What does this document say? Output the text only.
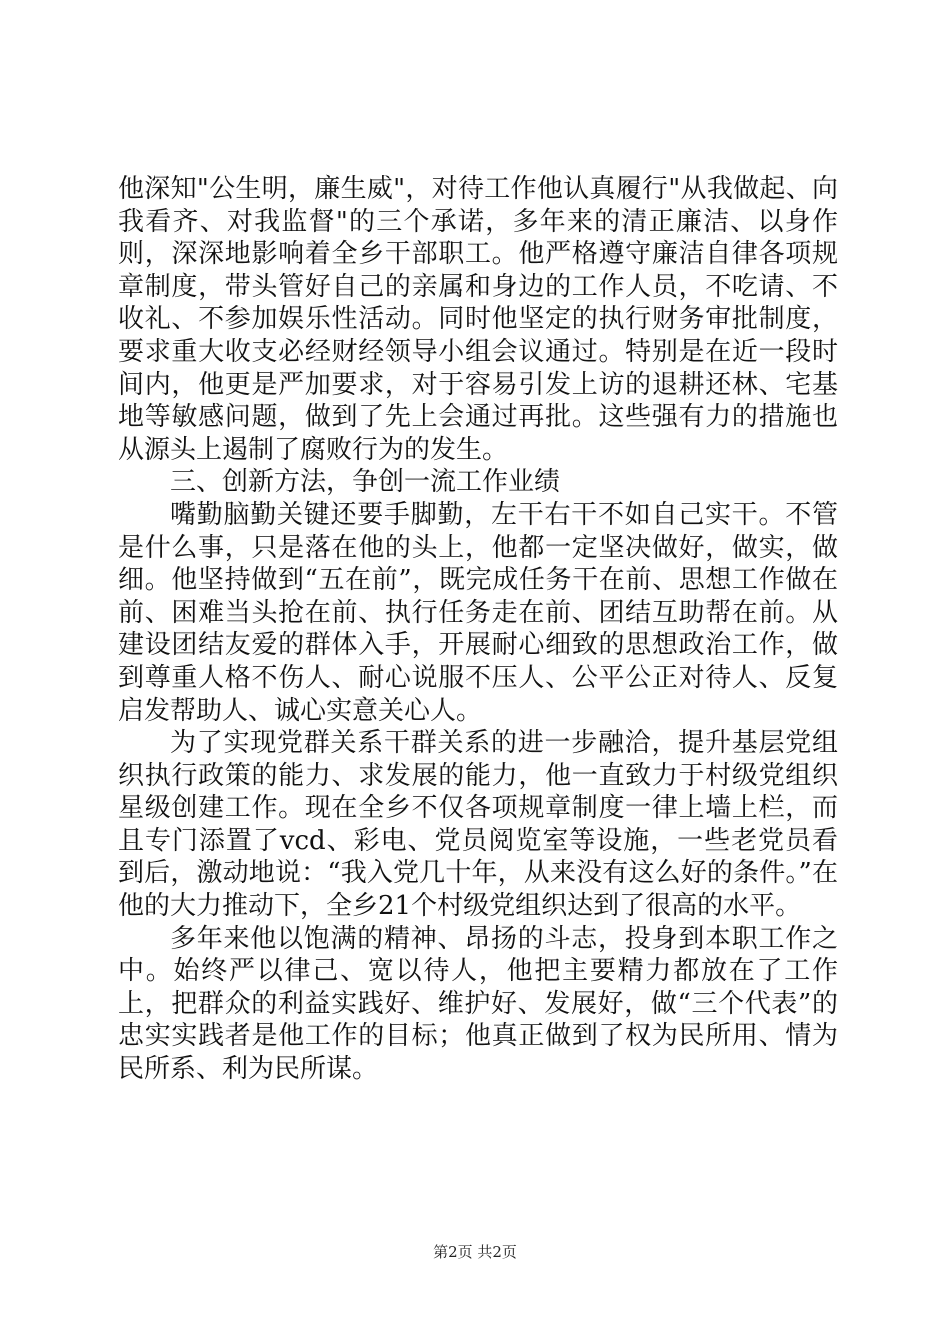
他深知"公生明，廉生威"，对待工作他认真履行"从我做起、向我看齐、对我监督"的三个承诺，多年来的清正廉洁、以身作则，深深地影响着全乡干部职工。他严格遵守廉洁自律各项规章制度，带头管好自己的亲属和身边的工作人员，不吃请、不收礼、不参加娱乐性活动。同时他坚定的执行财务审批制度，要求重大收支必经财经领导小组会议通过。特别是在近一段时间内，他更是严加要求，对于容易引发上访的退耕还林、宅基地等敏感问题，做到了先上会通过再批。这些强有力的措施也从源头上遏制了腐败行为的发生。

三、创新方法，争创一流工作业绩

嘴勤脑勤关键还要手脚勤，左干右干不如自己实干。不管是什么事，只是落在他的头上，他都一定坚决做好，做实，做细。他坚持做到“五在前”，既完成任务干在前、思想工作做在前、困难当头抢在前、执行任务走在前、团结互助帮在前。从建设团结友爱的群体入手，开展耐心细致的思想政治工作，做到尊重人格不伤人、耐心说服不压人、公平公正对待人、反复启发帮助人、诚心实意关心人。

为了实现党群关系干群关系的进一步融洽，提升基层党组织执行政策的能力、求发展的能力，他一直致力于村级党组织星级创建工作。现在全乡不仅各项规章制度一律上墙上栏，而且专门添置了vcd、彩电、党员阅览室等设施，一些老党员看到后，激动地说：“我入党几十年，从来没有这么好的条件。”在他的大力推动下，全乡21个村级党组织达到了很高的水平。

多年来他以饱满的精神、昂扬的斗志，投身到本职工作之中。始终严以律己、宽以待人，他把主要精力都放在了工作上，把群众的利益实践好、维护好、发展好，做“三个代表”的忠实实践者是他工作的目标；他真正做到了权为民所用、情为民所系、利为民所谋。

第2页 共2页
